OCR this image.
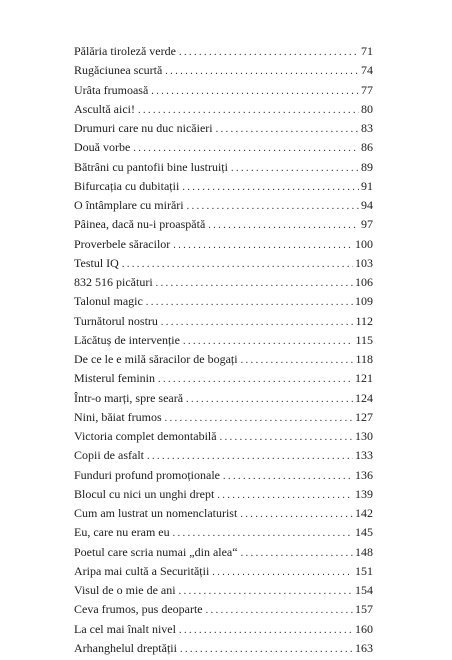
Pălăria tiroleză verde . . .	71
Rugăciunea scurtă . . .	74
Urâta frumoasă . . .	77
Ascultă aici! . . .	80
Drumuri care nu duc nicăieri . . .	83
Două vorbe . . .	86
Bătrâni cu pantofii bine lustruiți . . .	89
Bifurcația cu dubitații . . .	91
O întâmplare cu mirări . . .	94
Pâinea, dacă nu-i proaspătă . . .	97
Proverbele săracilor . . .	100
Testul IQ . . .	103
832 516 picături . . .	106
Talonul magic . . .	109
Turnătorul nostru . . .	112
Lăcătuș de intervenție . . .	115
De ce le e milă săracilor de bogați . . .	118
Misterul feminin . . .	121
Într-o marți, spre seară . . .	124
Nini, băiat frumos . . .	127
Victoria complet demontabilă . . .	130
Copii de asfalt . . .	133
Funduri profund promoționale . . .	136
Blocul cu nici un unghi drept . . .	139
Cum am lustrat un nomenclaturist . . .	142
Eu, care nu eram eu . . .	145
Poetul care scria numai „din alea“ . . .	148
Aripa mai cultă a Securității . . .	151
Visul de o mie de ani . . .	154
Ceva frumos, pus deoparte . . .	157
La cel mai înalt nivel . . .	160
Arhanghelul dreptății . . .	163
